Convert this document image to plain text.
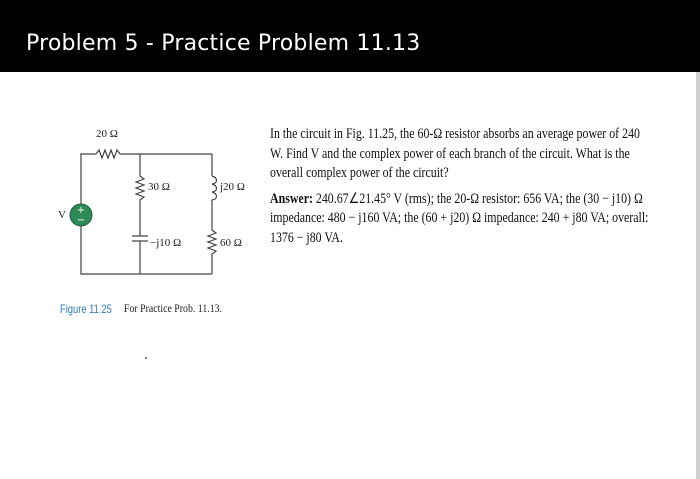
Problem 5 - Practice Problem 11.13
20 Ω
30 Ω	j20 Ω
−j10 Ω	60 Ω
V +
−
Figure 11.25 For Practice Prob. 11.13.

In the circuit in Fig. 11.25, the 60-Ω resistor absorbs an average power of 240 W. Find V and the complex power of each branch of the circuit. What is the overall complex power of the circuit?

Answer: 240.67∠21.45° V (rms); the 20-Ω resistor: 656 VA; the (30 − j10) Ω impedance: 480 − j160 VA; the (60 + j20) Ω impedance: 240 + j80 VA; overall: 1376 − j80 VA.
